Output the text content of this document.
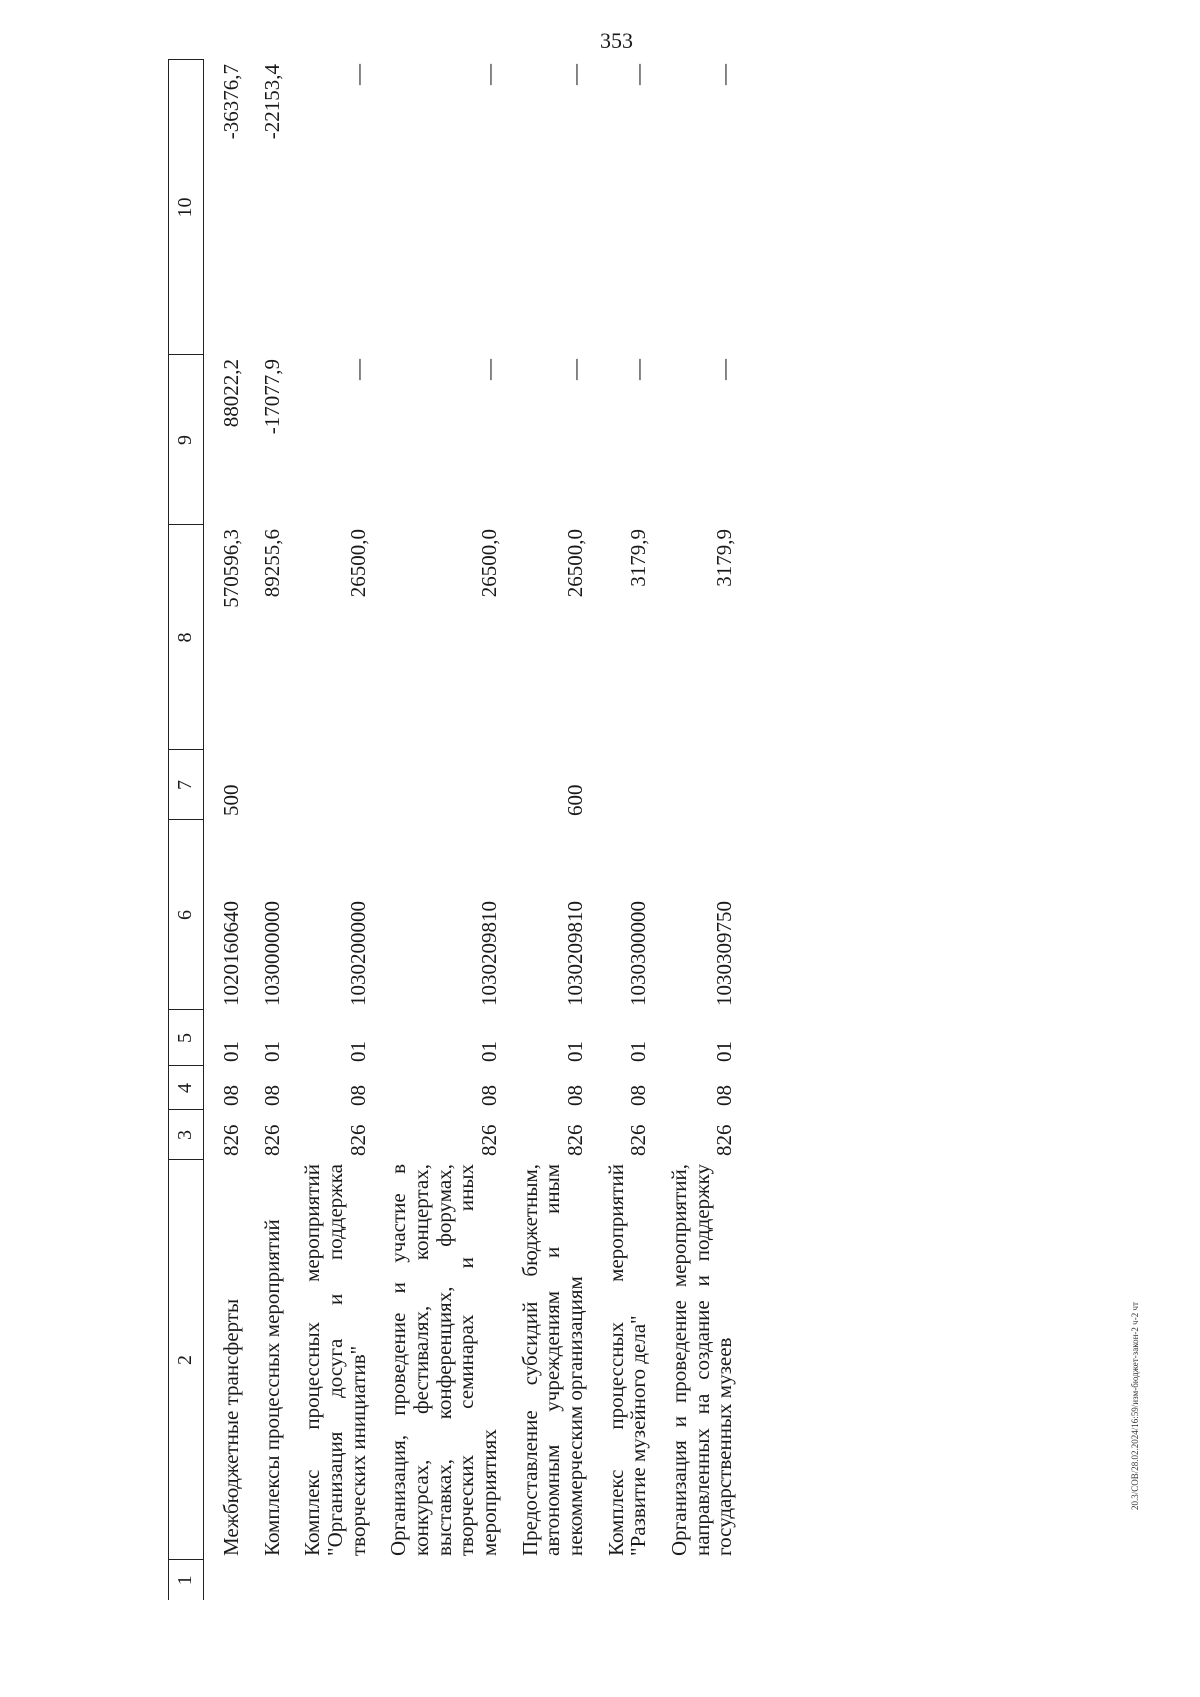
353
1	2	3	4	5	6	7	8	9	10
	Межбюджетные трансферты	826	08	01	1020160640	500	570596,3	88022,2	-36376,7
	Комплексы процессных мероприятий	826	08	01	1030000000		89255,6	-17077,9	-22153,4
	Комплекс процессных мероприятий "Организация досуга и поддержка творческих инициатив"	826	08	01	1030200000		26500,0	—	—
	Организация, проведение и участие в конкурсах, фестивалях, концертах, выставках, конференциях, форумах, творческих семинарах и иных мероприятиях	826	08	01	1030209810		26500,0	—	—
	Предоставление субсидий бюджетным, автономным учреждениям и иным некоммерческим организациям	826	08	01	1030209810	600	26500,0	—	—
	Комплекс процессных мероприятий "Развитие музейного дела"	826	08	01	1030300000		3179,9	—	—
	Организация и проведение мероприятий, направленных на создание и поддержку государственных музеев	826	08	01	1030309750		3179,9	—	—
20.3/СОВ/28.02.2024/16:59/изм-бюджет-закон-2 ч-2 чт
